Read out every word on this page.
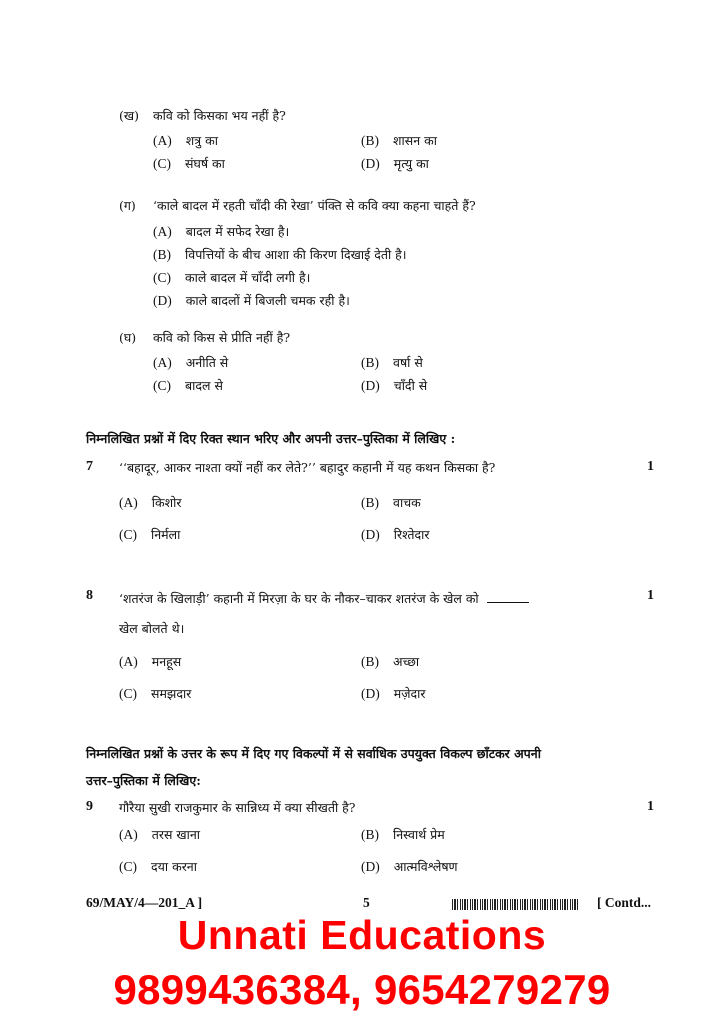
(ख) कवि को किसका भय नहीं है?
(A) शत्रु का	(B) शासन का
(C) संघर्ष का	(D) मृत्यु का
(ग) ‘काले बादल में रहती चाँदी की रेखा’ पंक्ति से कवि क्या कहना चाहते हैं?
(A) बादल में सफेद रेखा है।
(B) विपत्तियों के बीच आशा की किरण दिखाई देती है।
(C) काले बादल में चाँदी लगी है।
(D) काले बादलों में बिजली चमक रही है।
(घ) कवि को किस से प्रीति नहीं है?
(A) अनीति से	(B) वर्षा से
(C) बादल से	(D) चाँदी से
निम्नलिखित प्रश्नों में दिए रिक्त स्थान भरिए और अपनी उत्तर–पुस्तिका में लिखिए :
7 ‘‘बहादूर, आकर नाश्ता क्यों नहीं कर लेते?’’ बहादुर कहानी में यह कथन किसका है?	1
(A) किशोर	(B) वाचक
(C) निर्मला	(D) रिश्तेदार
8 ‘शतरंज के खिलाड़ी’ कहानी में मिरज़ा के घर के नौकर–चाकर शतरंज के खेल को	1
खेल बोलते थे।
(A) मनहूस	(B) अच्छा
(C) समझदार	(D) मज़ेदार
निम्नलिखित प्रश्नों के उत्तर के रूप में दिए गए विकल्पों में से सर्वाधिक उपयुक्त विकल्प छाँटकर अपनी
उत्तर–पुस्तिका में लिखिए:
9 गौरैया सुखी राजकुमार के सान्निध्य में क्या सीखती है?	1
(A) तरस खाना	(B) निस्वार्थ प्रेम
(C) दया करना	(D) आत्मविश्लेषण
69/MAY/4—201_A ]	5	[ Contd...
Unnati Educations
9899436384, 9654279279
